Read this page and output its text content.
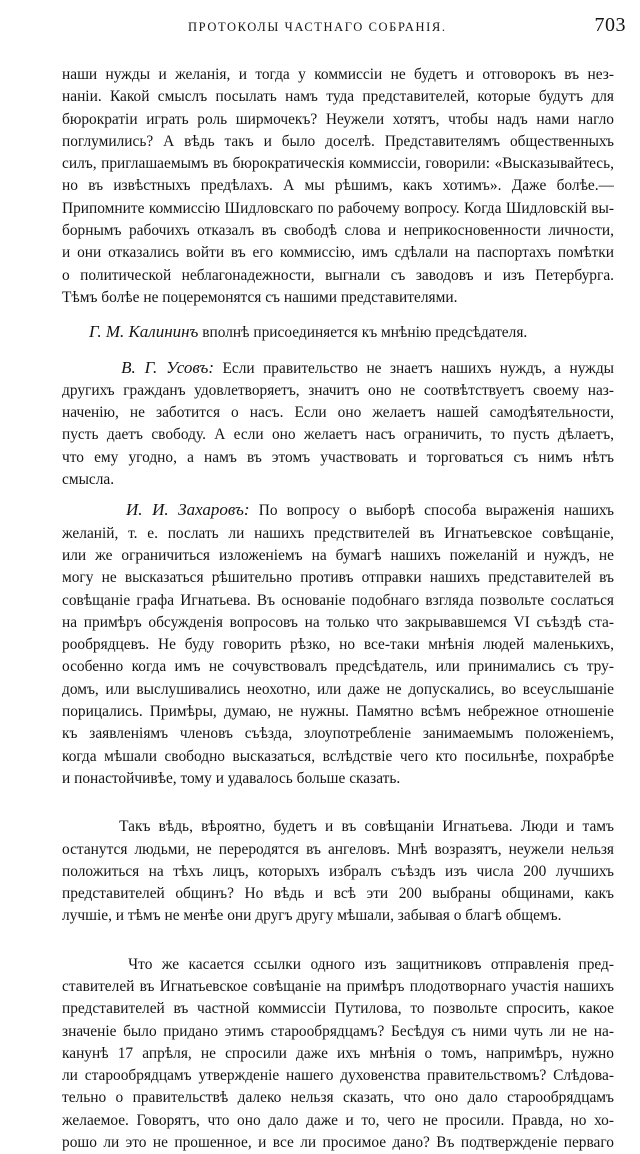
ПРОТОКОЛЫ ЧАСТНАГО СОБРАНІЯ.	703
наши нужды и желанія, и тогда у коммиссіи не будетъ и отговорокъ въ нез-
наніи. Какой смыслъ посылать намъ туда представителей, которые будутъ для
бюрократіи играть роль ширмочекъ? Неужели хотятъ, чтобы надъ нами нагло
поглумились? А вѣдь такъ и было доселѣ. Представителямъ общественныхъ
силъ, приглашаемымъ въ бюрократическія коммиссіи, говорили: «Высказывайтесь,
но въ извѣстныхъ предѣлахъ. А мы рѣшимъ, какъ хотимъ». Даже болѣе.—
Припомните коммиссію Шидловскаго по рабочему вопросу. Когда Шидловскій вы-
борнымъ рабочихъ отказалъ въ свободѣ слова и неприкосновенности личности,
и они отказались войти въ его коммиссію, имъ сдѣлали на паспортахъ помѣтки
о политической неблагонадежности, выгнали съ заводовъ и изъ Петербурга.
Тѣмъ болѣе не поцеремонятся съ нашими представителями.
Г. М. Калининъ вполнѣ присоединяется къ мнѣнію предсѣдателя.
В. Г. Усовъ: Если правительство не знаетъ нашихъ нуждъ, а нужды
другихъ гражданъ удовлетворяетъ, значитъ оно не соотвѣтствуетъ своему наз-
наченію, не заботится о насъ. Если оно желаетъ нашей самодѣятельности,
пусть даетъ свободу. А если оно желаетъ насъ ограничить, то пусть дѣлаетъ,
что ему угодно, а намъ въ этомъ участвовать и торговаться съ нимъ нѣтъ
смысла.
И. И. Захаровъ: По вопросу о выборѣ способа выраженія нашихъ
желаній, т. е. послать ли нашихъ предствителей въ Игнатьевское совѣщаніе,
или же ограничиться изложеніемъ на бумагѣ нашихъ пожеланій и нуждъ, не
могу не высказаться рѣшительно противъ отправки нашихъ представителей въ
совѣщаніе графа Игнатьева. Въ основаніе подобнаго взгляда позвольте сослаться
на примѣръ обсужденія вопросовъ на только что закрывавшемся VI съѣздѣ ста-
рообрядцевъ. Не буду говорить рѣзко, но все-таки мнѣнія людей маленькихъ,
особенно когда имъ не сочувствовалъ предсѣдатель, или принимались съ тру-
домъ, или выслушивались неохотно, или даже не допускались, во всеуслышаніе
порицались. Примѣры, думаю, не нужны. Памятно всѣмъ небрежное отношеніе
къ заявленіямъ членовъ съѣзда, злоупотребленіе занимаемымъ положеніемъ,
когда мѣшали свободно высказаться, вслѣдствіе чего кто посильнѣе, похрабрѣе
и понастойчивѣе, тому и удавалось больше сказать.
Такъ вѣдь, вѣроятно, будетъ и въ совѣщаніи Игнатьева. Люди и тамъ
останутся людьми, не переродятся въ ангеловъ. Мнѣ возразятъ, неужели нельзя
положиться на тѣхъ лицъ, которыхъ избралъ съѣздъ изъ числа 200 лучшихъ
представителей общинъ? Но вѣдь и всѣ эти 200 выбраны общинами, какъ
лучшіе, и тѣмъ не менѣе они другъ другу мѣшали, забывая о благѣ общемъ.
Что же касается ссылки одного изъ защитниковъ отправленія пред-
ставителей въ Игнатьевское совѣщаніе на примѣръ плодотворнаго участія нашихъ
представителей въ частной коммиссіи Путилова, то позвольте спросить, какое
значеніе было придано этимъ старообрядцамъ? Бесѣдуя съ ними чуть ли не на-
канунѣ 17 апрѣля, не спросили даже ихъ мнѣнія о томъ, напримѣръ, нужно
ли старообрядцамъ утвержденіе нашего духовенства правительствомъ? Слѣдова-
тельно о правительствѣ далеко нельзя сказать, что оно дало старообрядцамъ
желаемое. Говорятъ, что оно дало даже и то, чего не просили. Правда, но хо-
рошо ли это не прошенное, и все ли просимое дано? Въ подтвержденіе перваго
